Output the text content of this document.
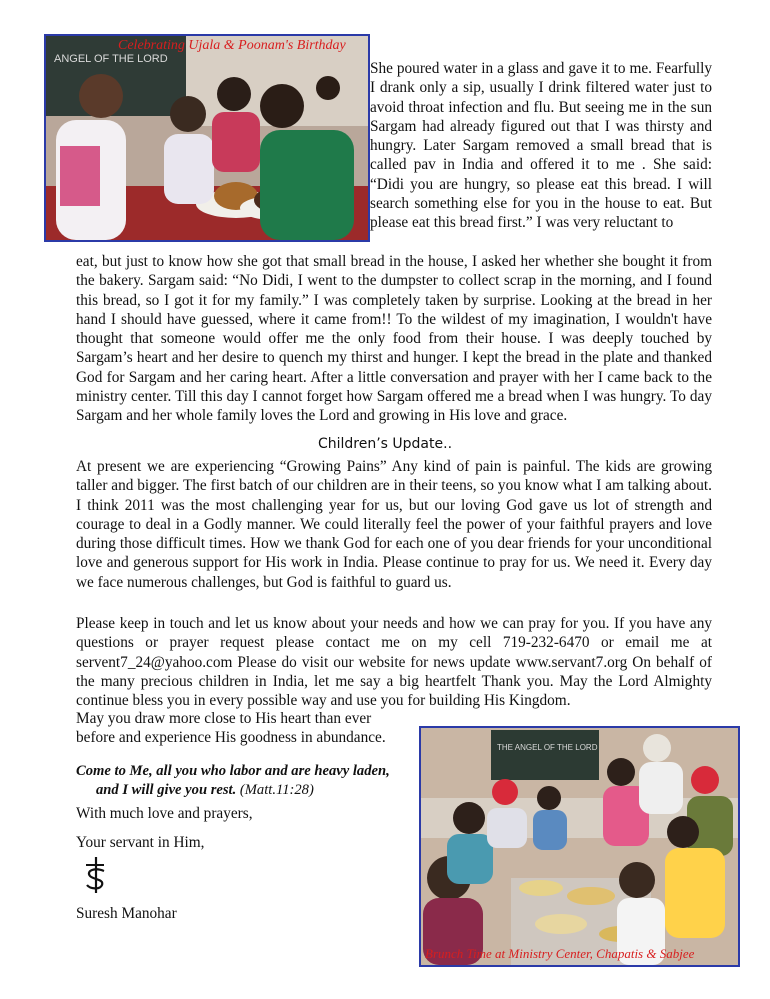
ANGEL OF THE LORD
Celebrating Ujala & Poonam's Birthday

She poured water in a glass and gave it to me. Fearfully I drank only a sip, usually I drink filtered water just to avoid throat infection and flu. But seeing me in the sun Sargam had already figured out that I was thirsty and hungry. Later Sargam removed a small bread that is called pav in India and offered it to me . She said: “Didi you are hungry, so please eat this bread. I will search something else for you in the house to eat. But please eat this bread first.” I was very reluctant to

eat, but just to know how she got that small bread in the house, I asked her whether she bought it from the bakery. Sargam said: “No Didi, I went to the dumpster to collect scrap in the morning, and I found this bread, so I got it for my family.” I was completely taken by surprise. Looking at the bread in her hand I should have guessed, where it came from!! To the wildest of my imagination, I wouldn't have thought that someone would offer me the only food from their house. I was deeply touched by Sargam’s heart and her desire to quench my thirst and hunger. I kept the bread in the plate and thanked God for Sargam and her caring heart. After a little conversation and prayer with her I came back to the ministry center. Till this day I cannot forget how Sargam offered me a bread when I was hungry. To day Sargam and her whole family loves the Lord and growing in His love and grace.

Children’s Update..

At present we are experiencing “Growing Pains” Any kind of pain is painful. The kids are growing taller and bigger. The first batch of our children are in their teens, so you know what I am talking about. I think 2011 was the most challenging year for us, but our loving God gave us lot of strength and courage to deal in a Godly manner. We could literally feel the power of your faithful prayers and love during those difficult times. How we thank God for each one of you dear friends for your unconditional love and generous support for His work in India. Please continue to pray for us. We need it. Every day we face numerous challenges, but God is faithful to guard us.

Please keep in touch and let us know about your needs and how we can pray for you. If you have any questions or prayer request please contact me on my cell 719-232-6470 or email me at servent7_24@yahoo.com Please do visit our website for news update www.servant7.org On behalf of the many precious children in India, let me say a big heartfelt Thank you. May the Lord Almighty continue bless you in every possible way and use you for building His Kingdom.

May you draw more close to His heart than ever

before and experience His goodness in abundance.

Come to Me, all you who labor and are heavy laden,
and I will give you rest. (Matt.11:28)
With much love and prayers,
Your servant in Him,
Suresh Manohar
THE ANGEL OF THE LORD
Brunch Time at Ministry Center, Chapatis & Sabjee
